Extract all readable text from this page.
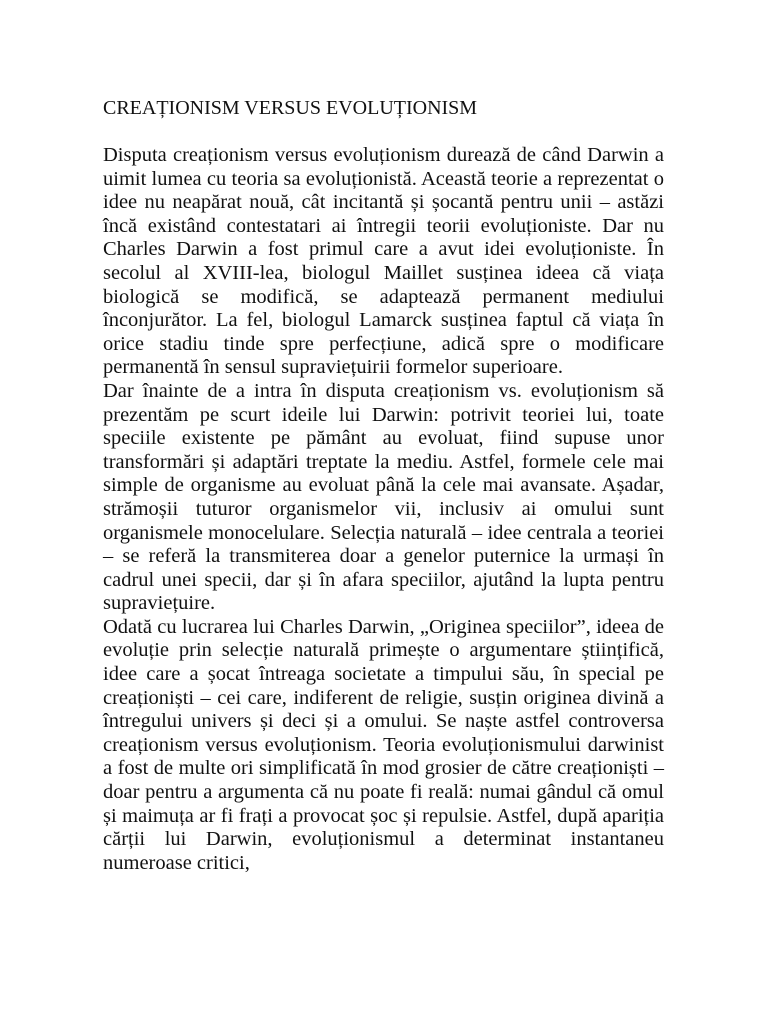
CREAȚIONISM VERSUS EVOLUȚIONISM

Disputa creaționism versus evoluționism durează de când Darwin a uimit lumea cu teoria sa evoluționistă. Această teorie a reprezentat o idee nu neapărat nouă, cât incitantă și șocantă pentru unii – astăzi încă existând contestatari ai întregii teorii evoluționiste. Dar nu Charles Darwin a fost primul care a avut idei evoluționiste. În secolul al XVIII-lea, biologul Maillet susținea ideea că viața biologică se modifică, se adaptează permanent mediului înconjurător. La fel, biologul Lamarck susținea faptul că viața în orice stadiu tinde spre perfecțiune, adică spre o modificare permanentă în sensul supraviețuirii formelor superioare.

Dar înainte de a intra în disputa creaționism vs. evoluționism să prezentăm pe scurt ideile lui Darwin: potrivit teoriei lui, toate speciile existente pe pământ au evoluat, fiind supuse unor transformări și adaptări treptate la mediu. Astfel, formele cele mai simple de organisme au evoluat până la cele mai avansate. Așadar, strămoșii tuturor organismelor vii, inclusiv ai omului sunt organismele monocelulare. Selecția naturală – idee centrala a teoriei – se referă la transmiterea doar a genelor puternice la urmași în cadrul unei specii, dar și în afara speciilor, ajutând la lupta pentru supraviețuire.

Odată cu lucrarea lui Charles Darwin, „Originea speciilor”, ideea de evoluție prin selecție naturală primește o argumentare științifică, idee care a șocat întreaga societate a timpului său, în special pe creaționiști – cei care, indiferent de religie, susțin originea divină a întregului univers și deci și a omului. Se naște astfel controversa creaționism versus evoluționism. Teoria evoluționismului darwinist a fost de multe ori simplificată în mod grosier de către creaționiști – doar pentru a argumenta că nu poate fi reală: numai gândul că omul și maimuța ar fi frați a provocat șoc și repulsie. Astfel, după apariția cărții lui Darwin, evoluționismul a determinat instantaneu numeroase critici,
